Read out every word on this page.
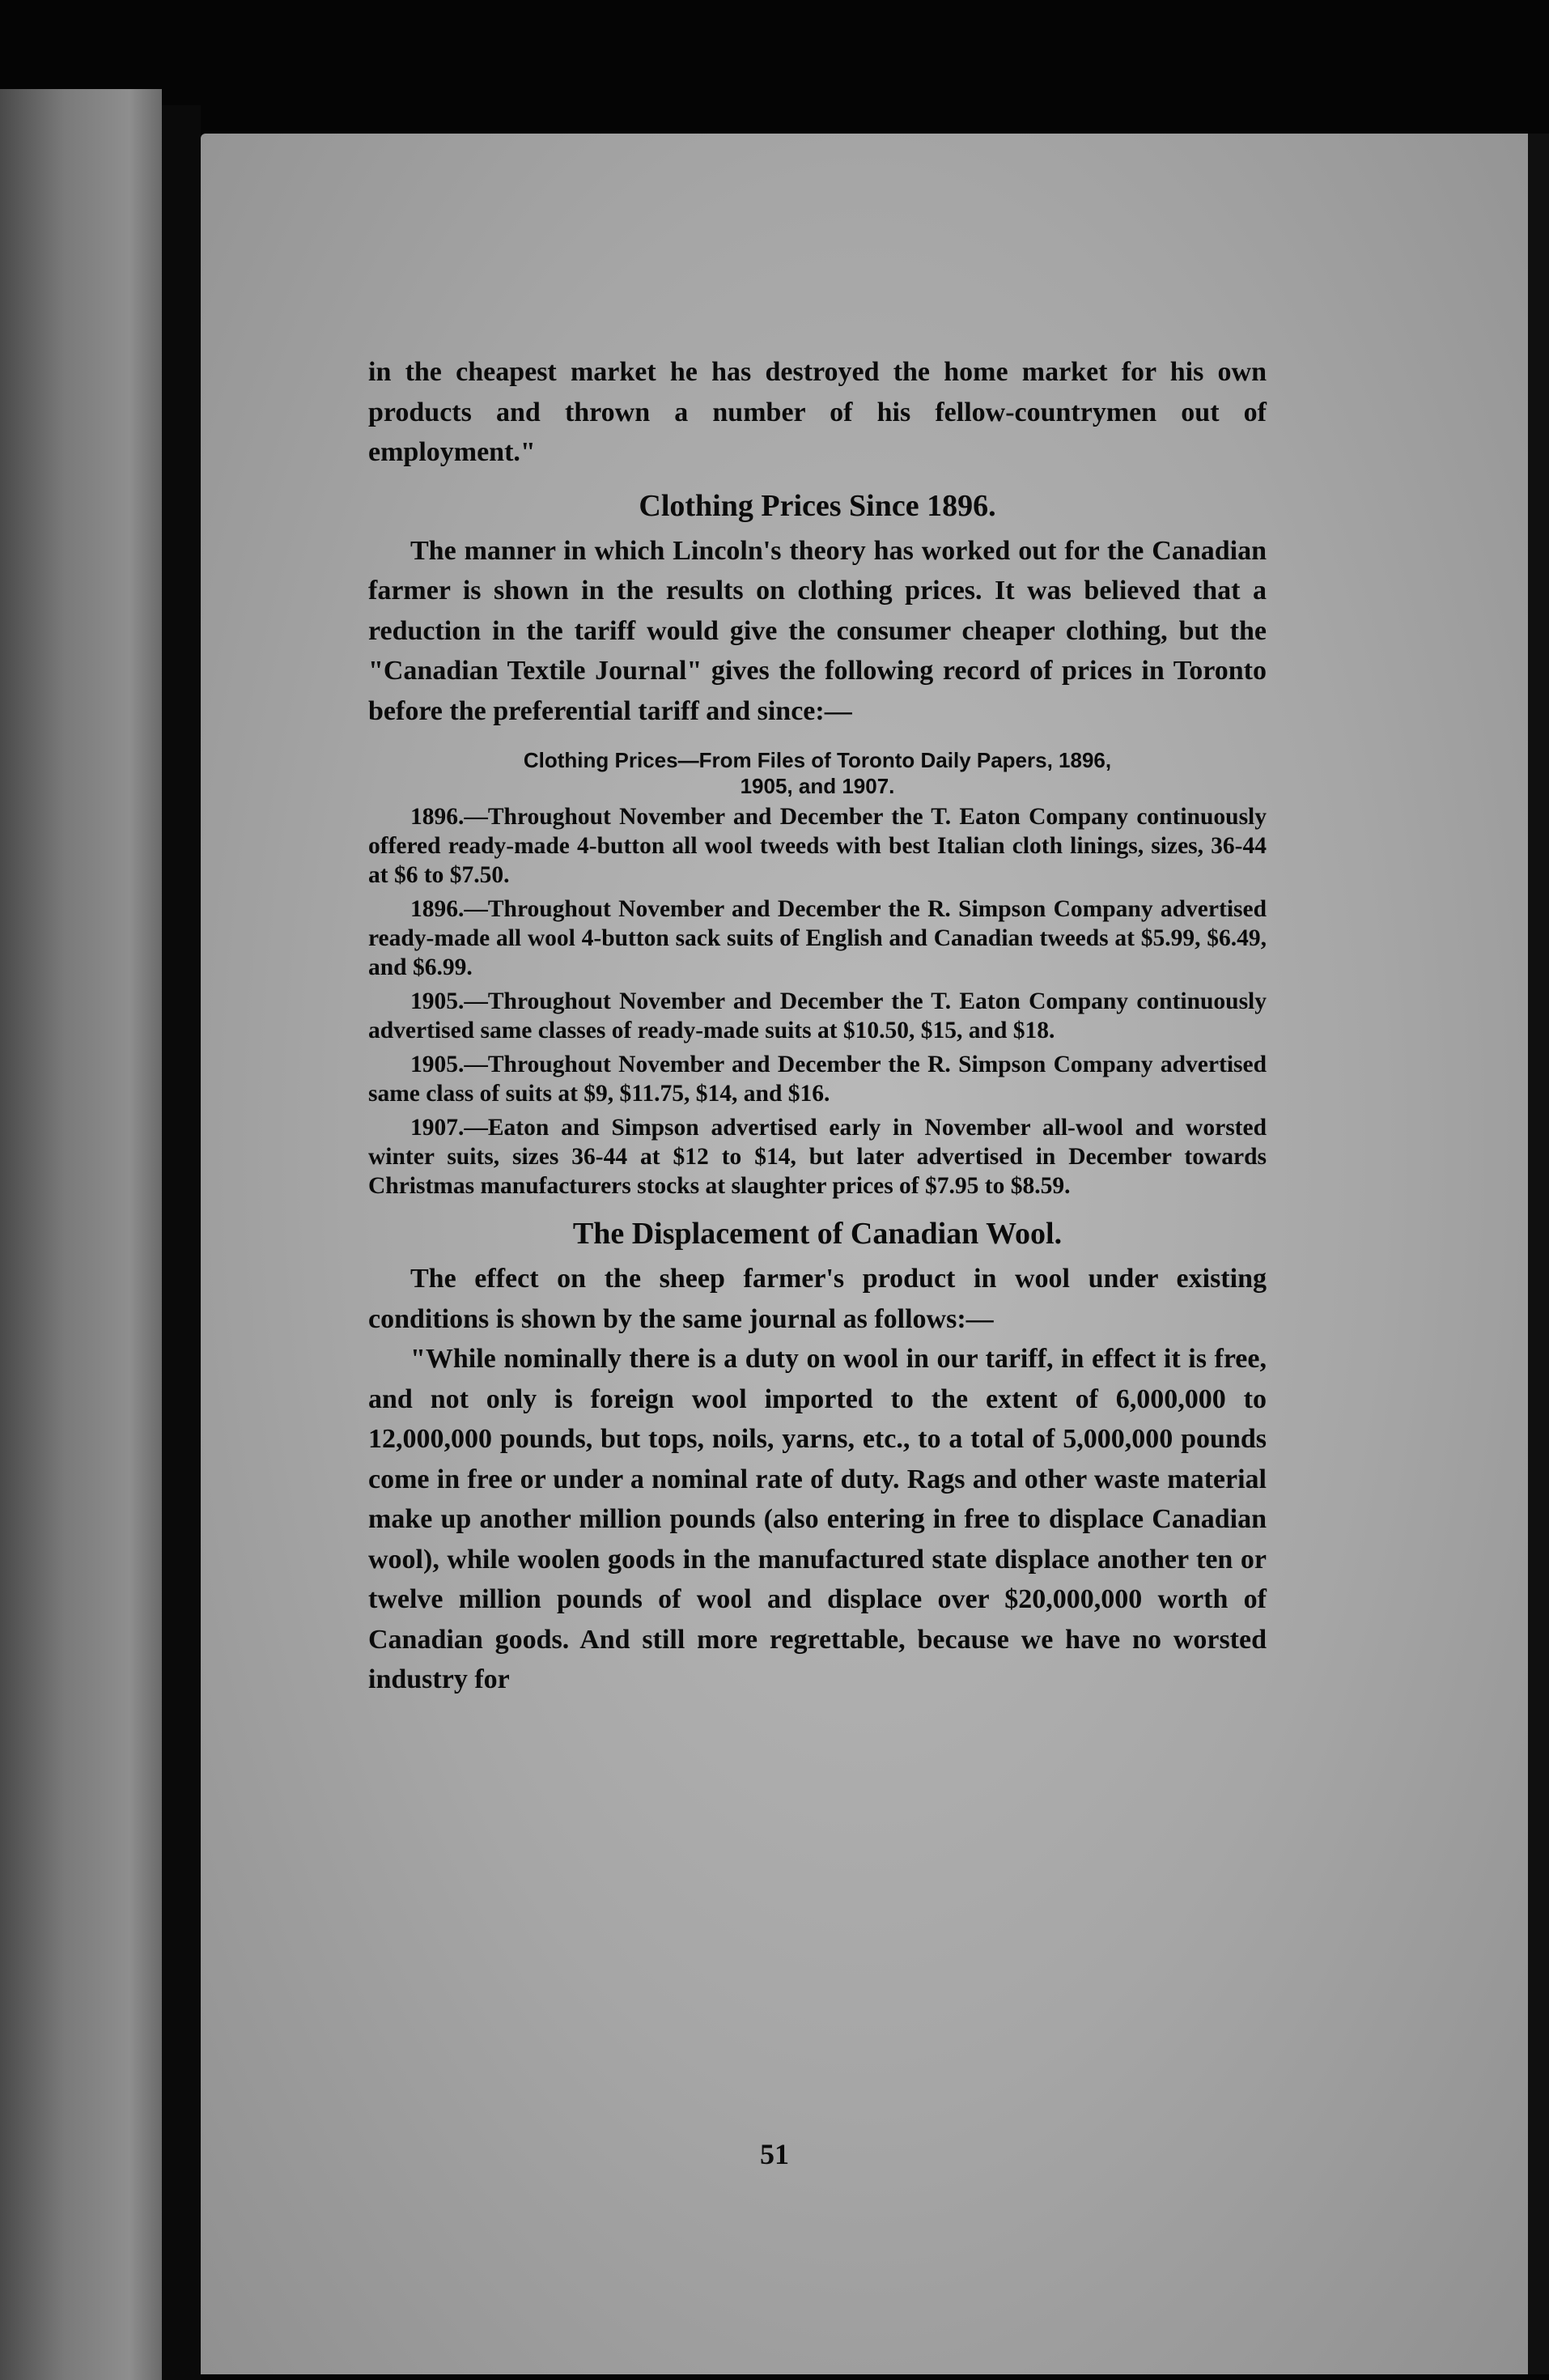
in the cheapest market he has destroyed the home market for his own products and thrown a number of his fellow-countrymen out of employment."

Clothing Prices Since 1896.

The manner in which Lincoln's theory has worked out for the Canadian farmer is shown in the results on clothing prices. It was believed that a reduction in the tariff would give the consumer cheaper clothing, but the "Canadian Textile Journal" gives the following record of prices in Toronto before the preferential tariff and since:—

Clothing Prices—From Files of Toronto Daily Papers, 1896,
1905, and 1907.

1896.—Throughout November and December the T. Eaton Company continuously offered ready-made 4-button all wool tweeds with best Italian cloth linings, sizes, 36-44 at $6 to $7.50.

1896.—Throughout November and December the R. Simpson Company advertised ready-made all wool 4-button sack suits of English and Canadian tweeds at $5.99, $6.49, and $6.99.

1905.—Throughout November and December the T. Eaton Company continuously advertised same classes of ready-made suits at $10.50, $15, and $18.

1905.—Throughout November and December the R. Simpson Company advertised same class of suits at $9, $11.75, $14, and $16.

1907.—Eaton and Simpson advertised early in November all-wool and worsted winter suits, sizes 36-44 at $12 to $14, but later advertised in December towards Christmas manufacturers stocks at slaughter prices of $7.95 to $8.59.

The Displacement of Canadian Wool.

The effect on the sheep farmer's product in wool under existing conditions is shown by the same journal as follows:—

"While nominally there is a duty on wool in our tariff, in effect it is free, and not only is foreign wool imported to the extent of 6,000,000 to 12,000,000 pounds, but tops, noils, yarns, etc., to a total of 5,000,000 pounds come in free or under a nominal rate of duty. Rags and other waste material make up another million pounds (also entering in free to displace Canadian wool), while woolen goods in the manufactured state displace another ten or twelve million pounds of wool and displace over $20,000,000 worth of Canadian goods. And still more regrettable, because we have no worsted industry for

51
